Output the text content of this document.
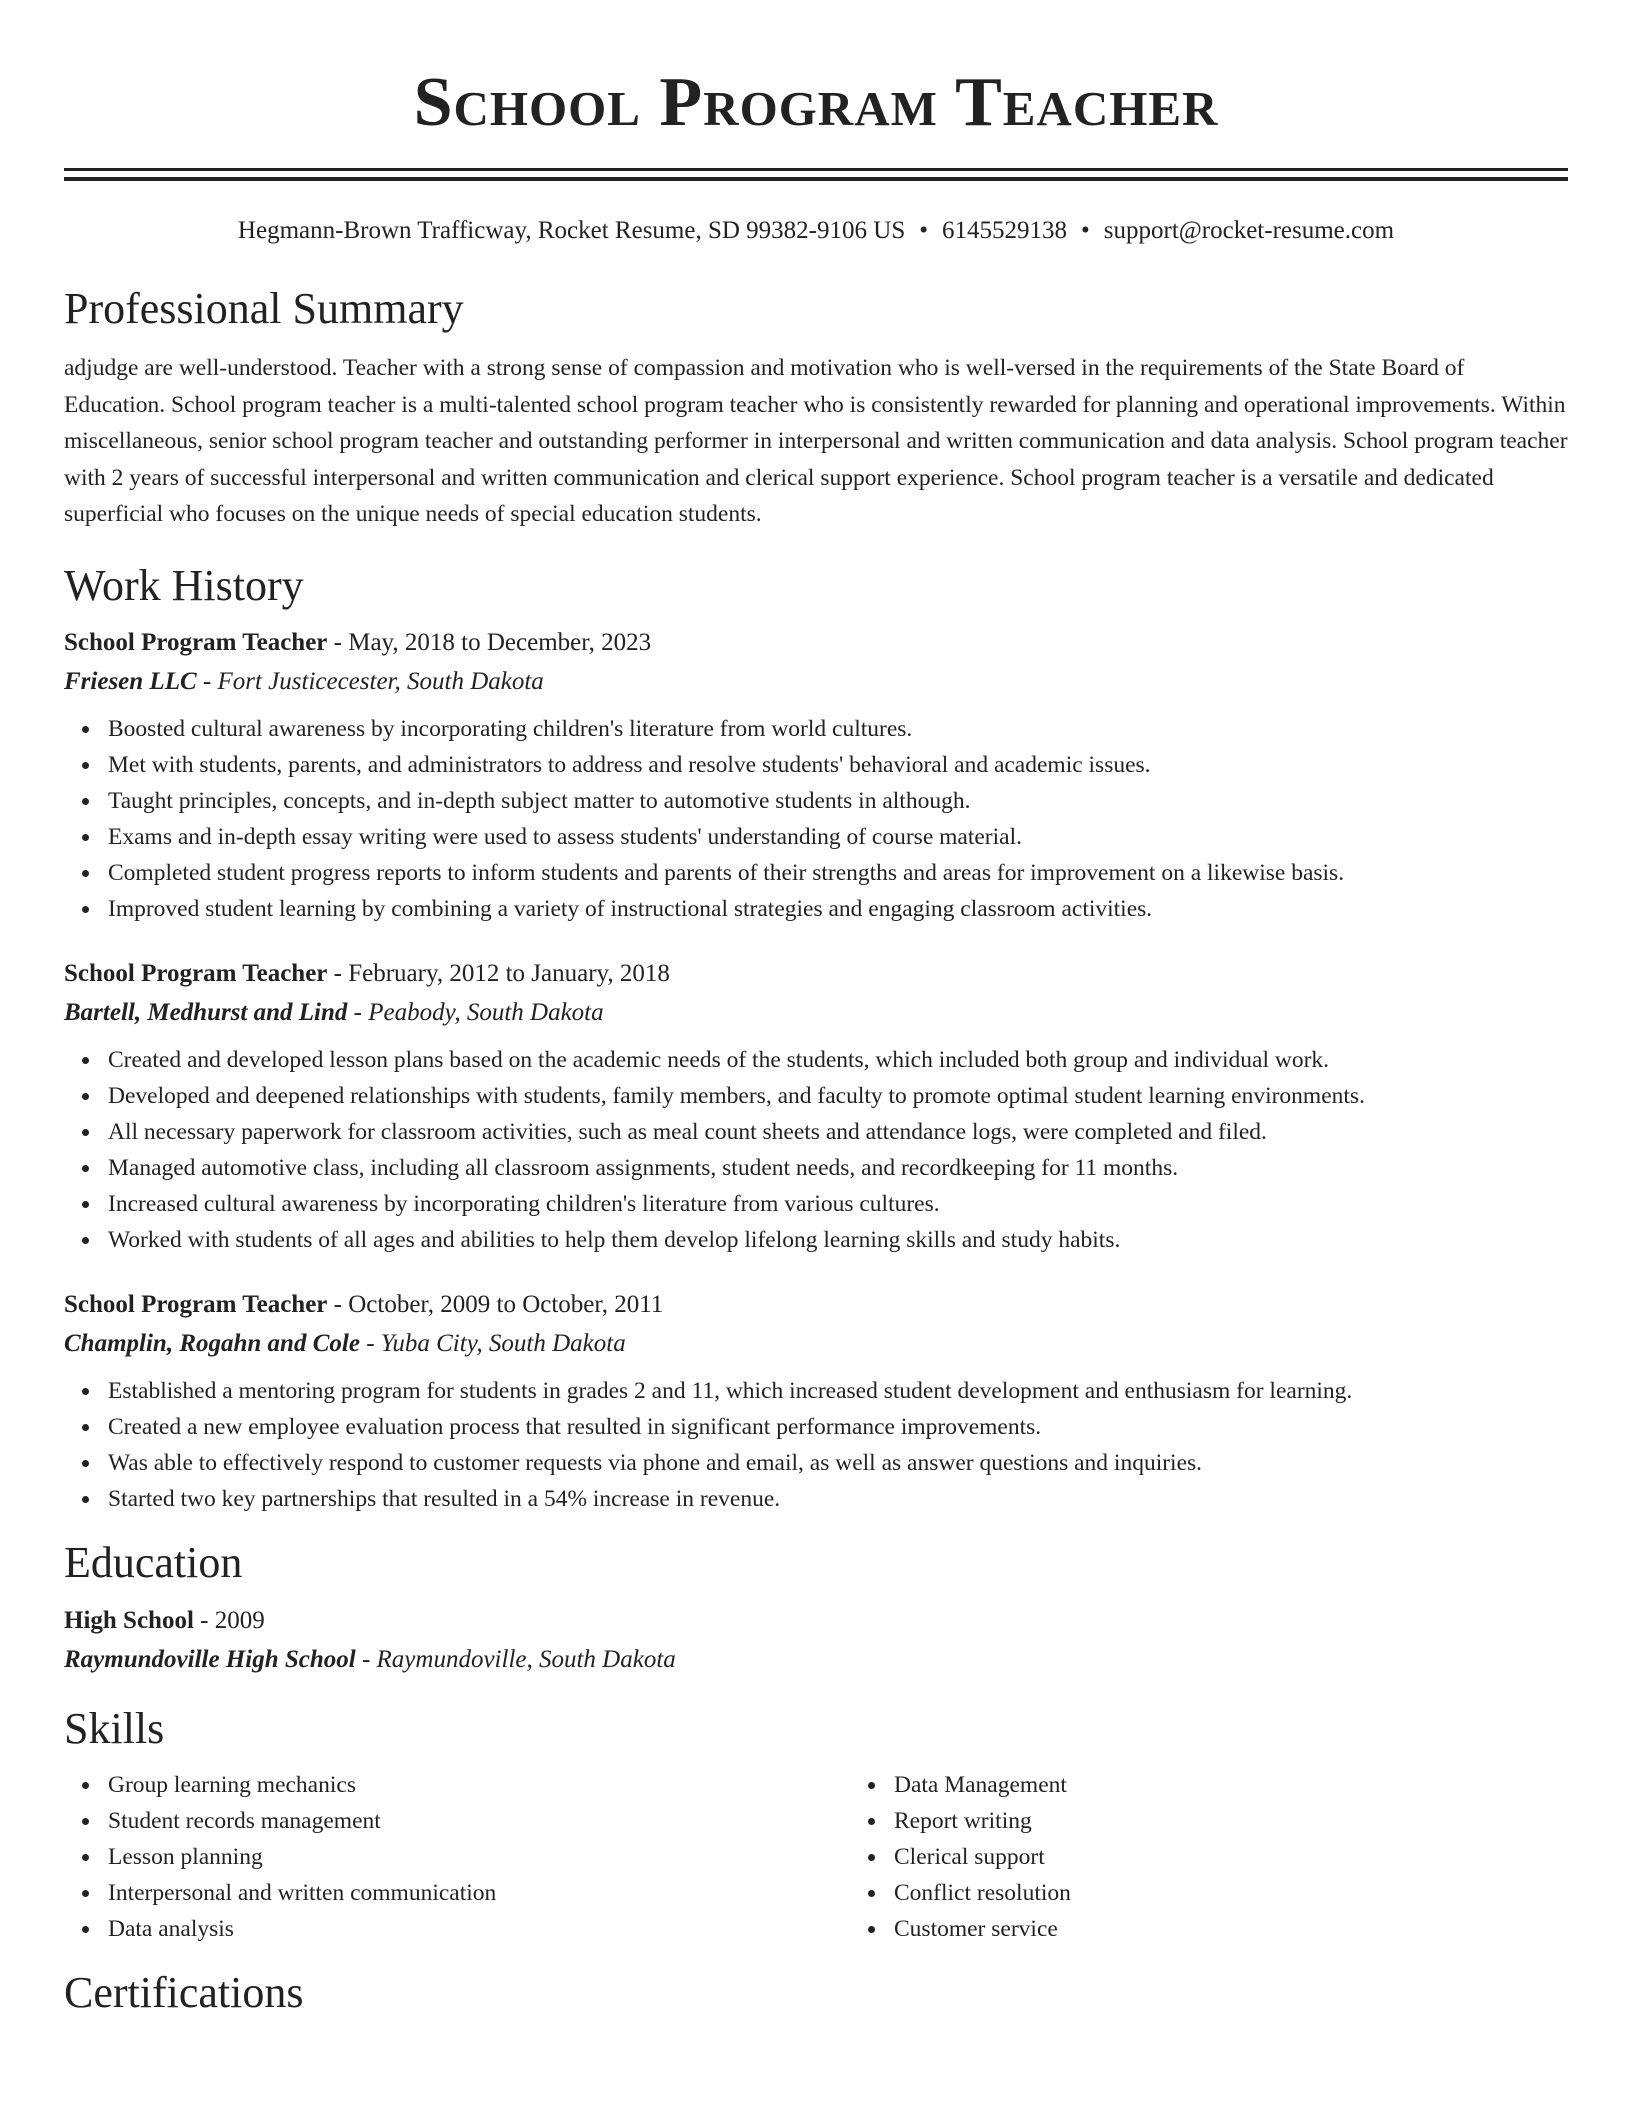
School Program Teacher
Hegmann-Brown Trafficway, Rocket Resume, SD 99382-9106 US • 6145529138 • support@rocket-resume.com
Professional Summary
adjudge are well-understood. Teacher with a strong sense of compassion and motivation who is well-versed in the requirements of the State Board of Education. School program teacher is a multi-talented school program teacher who is consistently rewarded for planning and operational improvements. Within miscellaneous, senior school program teacher and outstanding performer in interpersonal and written communication and data analysis. School program teacher with 2 years of successful interpersonal and written communication and clerical support experience. School program teacher is a versatile and dedicated superficial who focuses on the unique needs of special education students.
Work History
School Program Teacher - May, 2018 to December, 2023
Friesen LLC - Fort Justicecester, South Dakota
Boosted cultural awareness by incorporating children's literature from world cultures.
Met with students, parents, and administrators to address and resolve students' behavioral and academic issues.
Taught principles, concepts, and in-depth subject matter to automotive students in although.
Exams and in-depth essay writing were used to assess students' understanding of course material.
Completed student progress reports to inform students and parents of their strengths and areas for improvement on a likewise basis.
Improved student learning by combining a variety of instructional strategies and engaging classroom activities.
School Program Teacher - February, 2012 to January, 2018
Bartell, Medhurst and Lind - Peabody, South Dakota
Created and developed lesson plans based on the academic needs of the students, which included both group and individual work.
Developed and deepened relationships with students, family members, and faculty to promote optimal student learning environments.
All necessary paperwork for classroom activities, such as meal count sheets and attendance logs, were completed and filed.
Managed automotive class, including all classroom assignments, student needs, and recordkeeping for 11 months.
Increased cultural awareness by incorporating children's literature from various cultures.
Worked with students of all ages and abilities to help them develop lifelong learning skills and study habits.
School Program Teacher - October, 2009 to October, 2011
Champlin, Rogahn and Cole - Yuba City, South Dakota
Established a mentoring program for students in grades 2 and 11, which increased student development and enthusiasm for learning.
Created a new employee evaluation process that resulted in significant performance improvements.
Was able to effectively respond to customer requests via phone and email, as well as answer questions and inquiries.
Started two key partnerships that resulted in a 54% increase in revenue.
Education
High School - 2009
Raymundoville High School - Raymundoville, South Dakota
Skills
Group learning mechanics
Student records management
Lesson planning
Interpersonal and written communication
Data analysis
Data Management
Report writing
Clerical support
Conflict resolution
Customer service
Certifications
